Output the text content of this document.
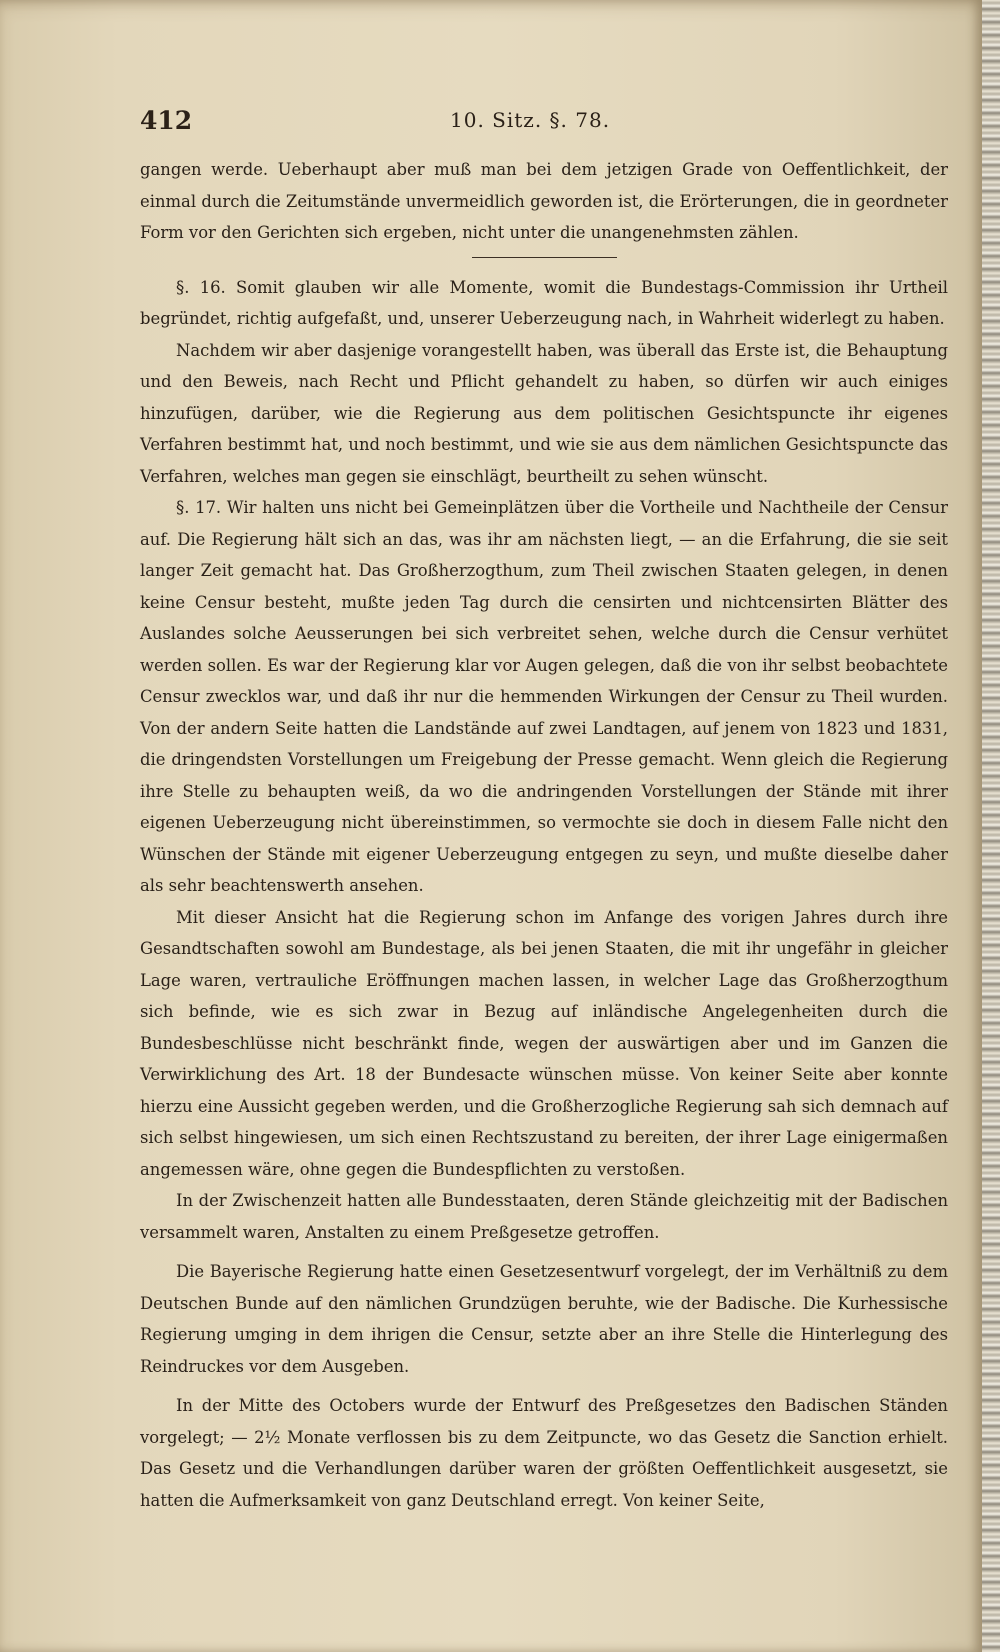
412	10. Sitz. §. 78.

gangen werde. Ueberhaupt aber muß man bei dem jetzigen Grade von Oeffentlichkeit, der einmal durch die Zeitumstände unvermeidlich geworden ist, die Erörterungen, die in geordneter Form vor den Gerichten sich ergeben, nicht unter die unangenehmsten zählen.

§. 16. Somit glauben wir alle Momente, womit die Bundestags-Commission ihr Urtheil begründet, richtig aufgefaßt, und, unserer Ueberzeugung nach, in Wahrheit widerlegt zu haben.

Nachdem wir aber dasjenige vorangestellt haben, was überall das Erste ist, die Behauptung und den Beweis, nach Recht und Pflicht gehandelt zu haben, so dürfen wir auch einiges hinzufügen, darüber, wie die Regierung aus dem politischen Gesichtspuncte ihr eigenes Verfahren bestimmt hat, und noch bestimmt, und wie sie aus dem nämlichen Gesichtspuncte das Verfahren, welches man gegen sie einschlägt, beurtheilt zu sehen wünscht.

§. 17. Wir halten uns nicht bei Gemeinplätzen über die Vortheile und Nachtheile der Censur auf. Die Regierung hält sich an das, was ihr am nächsten liegt, — an die Erfahrung, die sie seit langer Zeit gemacht hat. Das Großherzogthum, zum Theil zwischen Staaten gelegen, in denen keine Censur besteht, mußte jeden Tag durch die censirten und nichtcensirten Blätter des Auslandes solche Aeusserungen bei sich verbreitet sehen, welche durch die Censur verhütet werden sollen. Es war der Regierung klar vor Augen gelegen, daß die von ihr selbst beobachtete Censur zwecklos war, und daß ihr nur die hemmenden Wirkungen der Censur zu Theil wurden. Von der andern Seite hatten die Landstände auf zwei Landtagen, auf jenem von 1823 und 1831, die dringendsten Vorstellungen um Freigebung der Presse gemacht. Wenn gleich die Regierung ihre Stelle zu behaupten weiß, da wo die andringenden Vorstellungen der Stände mit ihrer eigenen Ueberzeugung nicht übereinstimmen, so vermochte sie doch in diesem Falle nicht den Wünschen der Stände mit eigener Ueberzeugung entgegen zu seyn, und mußte dieselbe daher als sehr beachtenswerth ansehen.

Mit dieser Ansicht hat die Regierung schon im Anfange des vorigen Jahres durch ihre Gesandtschaften sowohl am Bundestage, als bei jenen Staaten, die mit ihr ungefähr in gleicher Lage waren, vertrauliche Eröffnungen machen lassen, in welcher Lage das Großherzogthum sich befinde, wie es sich zwar in Bezug auf inländische Angelegenheiten durch die Bundesbeschlüsse nicht beschränkt finde, wegen der auswärtigen aber und im Ganzen die Verwirklichung des Art. 18 der Bundesacte wünschen müsse. Von keiner Seite aber konnte hierzu eine Aussicht gegeben werden, und die Großherzogliche Regierung sah sich demnach auf sich selbst hingewiesen, um sich einen Rechtszustand zu bereiten, der ihrer Lage einigermaßen angemessen wäre, ohne gegen die Bundespflichten zu verstoßen.

In der Zwischenzeit hatten alle Bundesstaaten, deren Stände gleichzeitig mit der Badischen versammelt waren, Anstalten zu einem Preßgesetze getroffen.

Die Bayerische Regierung hatte einen Gesetzesentwurf vorgelegt, der im Verhältniß zu dem Deutschen Bunde auf den nämlichen Grundzügen beruhte, wie der Badische. Die Kurhessische Regierung umging in dem ihrigen die Censur, setzte aber an ihre Stelle die Hinterlegung des Reindruckes vor dem Ausgeben.

In der Mitte des Octobers wurde der Entwurf des Preßgesetzes den Badischen Ständen vorgelegt; — 2½ Monate verflossen bis zu dem Zeitpuncte, wo das Gesetz die Sanction erhielt. Das Gesetz und die Verhandlungen darüber waren der größten Oeffentlichkeit ausgesetzt, sie hatten die Aufmerksamkeit von ganz Deutschland erregt. Von keiner Seite,
